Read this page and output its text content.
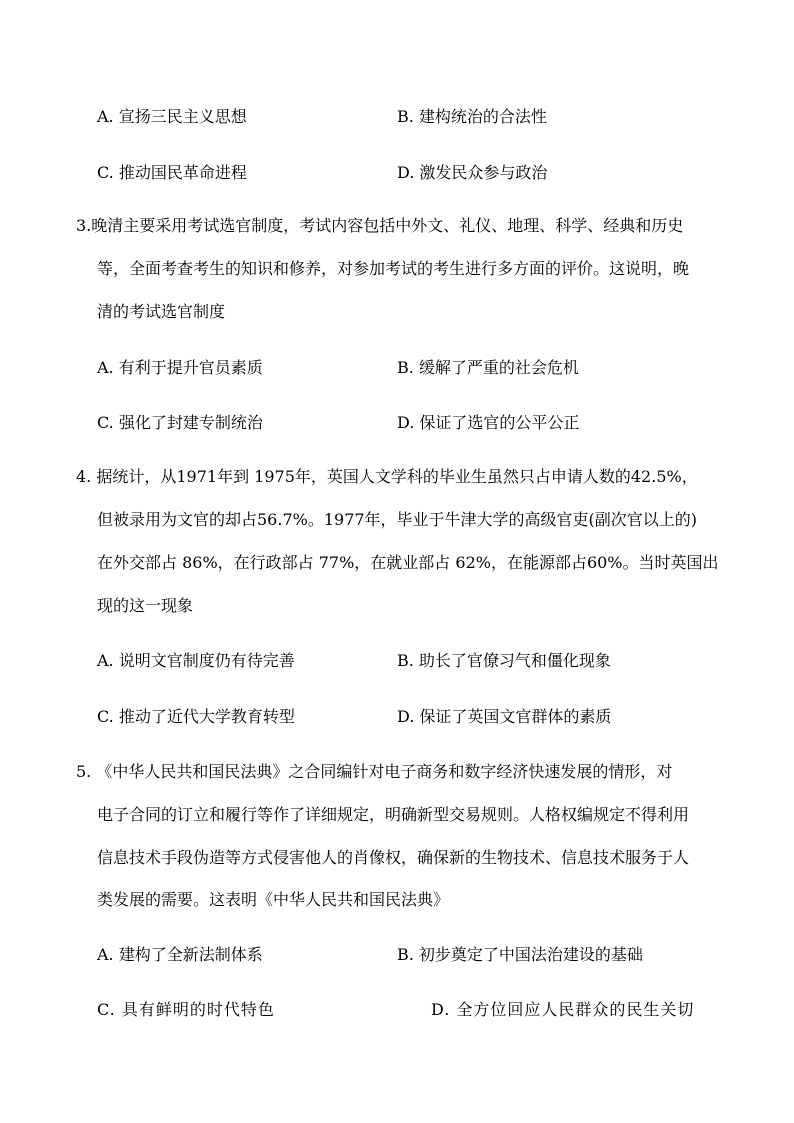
A. 宣扬三民主义思想	B. 建构统治的合法性
C. 推动国民革命进程	D. 激发民众参与政治
3.晚清主要采用考试选官制度，考试内容包括中外文、礼仪、地理、科学、经典和历史
等，全面考查考生的知识和修养，对参加考试的考生进行多方面的评价。这说明，晚
清的考试选官制度
A. 有利于提升官员素质	B. 缓解了严重的社会危机
C. 强化了封建专制统治	D. 保证了选官的公平公正
4. 据统计，从1971年到 1975年，英国人文学科的毕业生虽然只占申请人数的42.5%，
但被录用为文官的却占56.7%。1977年，毕业于牛津大学的高级官吏(副次官以上的)
在外交部占 86%，在行政部占 77%，在就业部占 62%，在能源部占60%。当时英国出
现的这一现象
A. 说明文官制度仍有待完善	B. 助长了官僚习气和僵化现象
C. 推动了近代大学教育转型	D. 保证了英国文官群体的素质
5. 《中华人民共和国民法典》之合同编针对电子商务和数字经济快速发展的情形，对
电子合同的订立和履行等作了详细规定，明确新型交易规则。人格权编规定不得利用
信息技术手段伪造等方式侵害他人的肖像权，确保新的生物技术、信息技术服务于人
类发展的需要。这表明《中华人民共和国民法典》
A. 建构了全新法制体系	B. 初步奠定了中国法治建设的基础
C. 具有鲜明的时代特色	D. 全方位回应人民群众的民生关切
